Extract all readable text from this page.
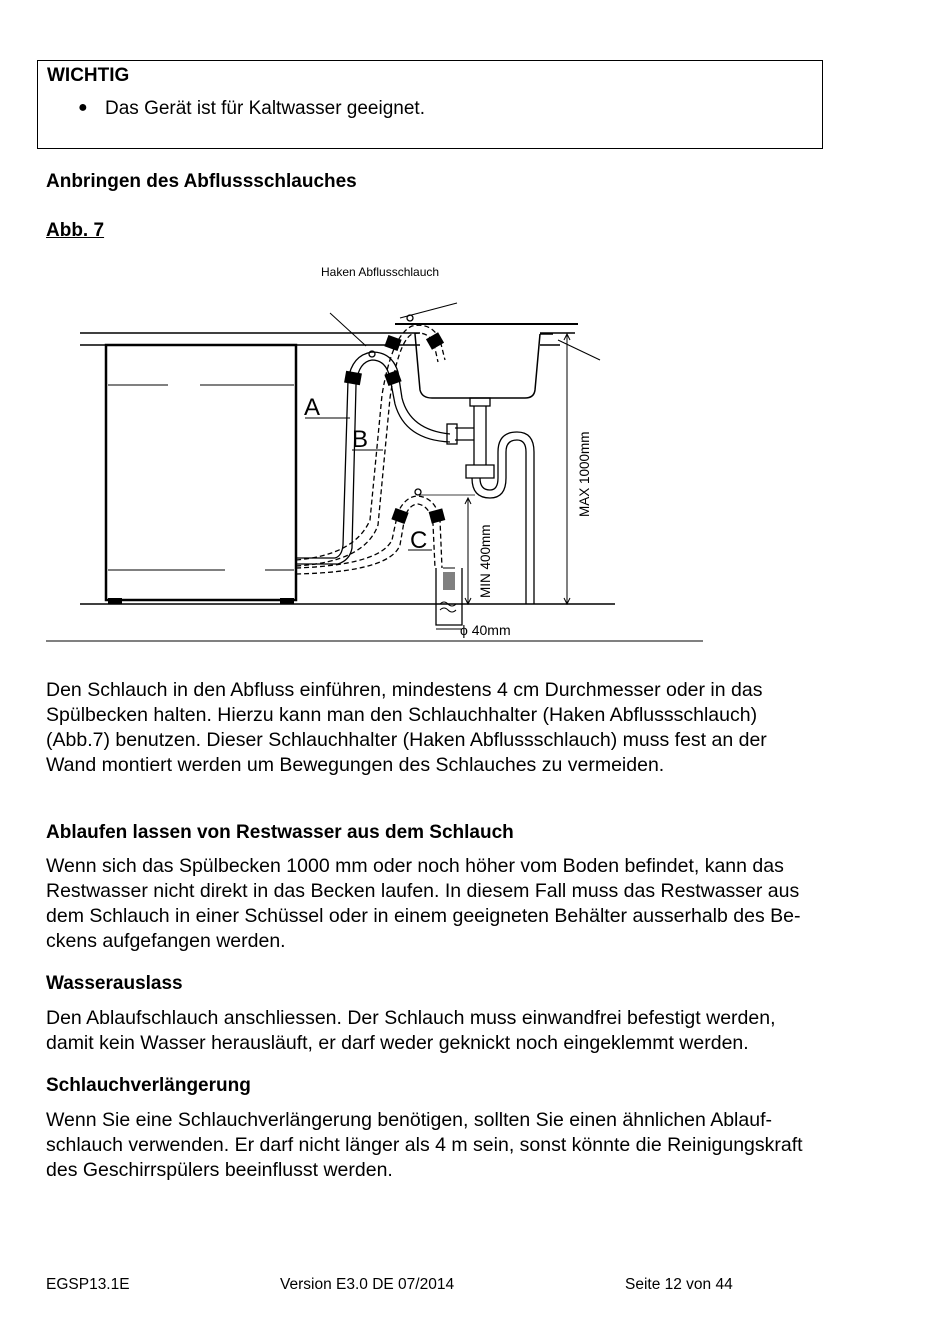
WICHTIG
● Das Gerät ist für Kaltwasser geeignet.
Anbringen des Abflussschlauches
Abb. 7
Haken Abflusschlauch
A
B
C	MIN 400mm
MAX 1000mm
ϕ 40mm
Den Schlauch in den Abfluss einführen, mindestens 4 cm Durchmesser oder in das
Spülbecken halten. Hierzu kann man den Schlauchhalter (Haken Abflussschlauch)
(Abb.7) benutzen. Dieser Schlauchhalter (Haken Abflussschlauch) muss fest an der
Wand montiert werden um Bewegungen des Schlauches zu vermeiden.
Ablaufen lassen von Restwasser aus dem Schlauch
Wenn sich das Spülbecken 1000 mm oder noch höher vom Boden befindet, kann das
Restwasser nicht direkt in das Becken laufen. In diesem Fall muss das Restwasser aus
dem Schlauch in einer Schüssel oder in einem geeigneten Behälter ausserhalb des Be-
ckens aufgefangen werden.
Wasserauslass
Den Ablaufschlauch anschliessen. Der Schlauch muss einwandfrei befestigt werden,
damit kein Wasser herausläuft, er darf weder geknickt noch eingeklemmt werden.
Schlauchverlängerung
Wenn Sie eine Schlauchverlängerung benötigen, sollten Sie einen ähnlichen Ablauf-
schlauch verwenden. Er darf nicht länger als 4 m sein, sonst könnte die Reinigungskraft
des Geschirrspülers beeinflusst werden.
EGSP13.1E	Version E3.0 DE 07/2014	Seite 12 von 44
